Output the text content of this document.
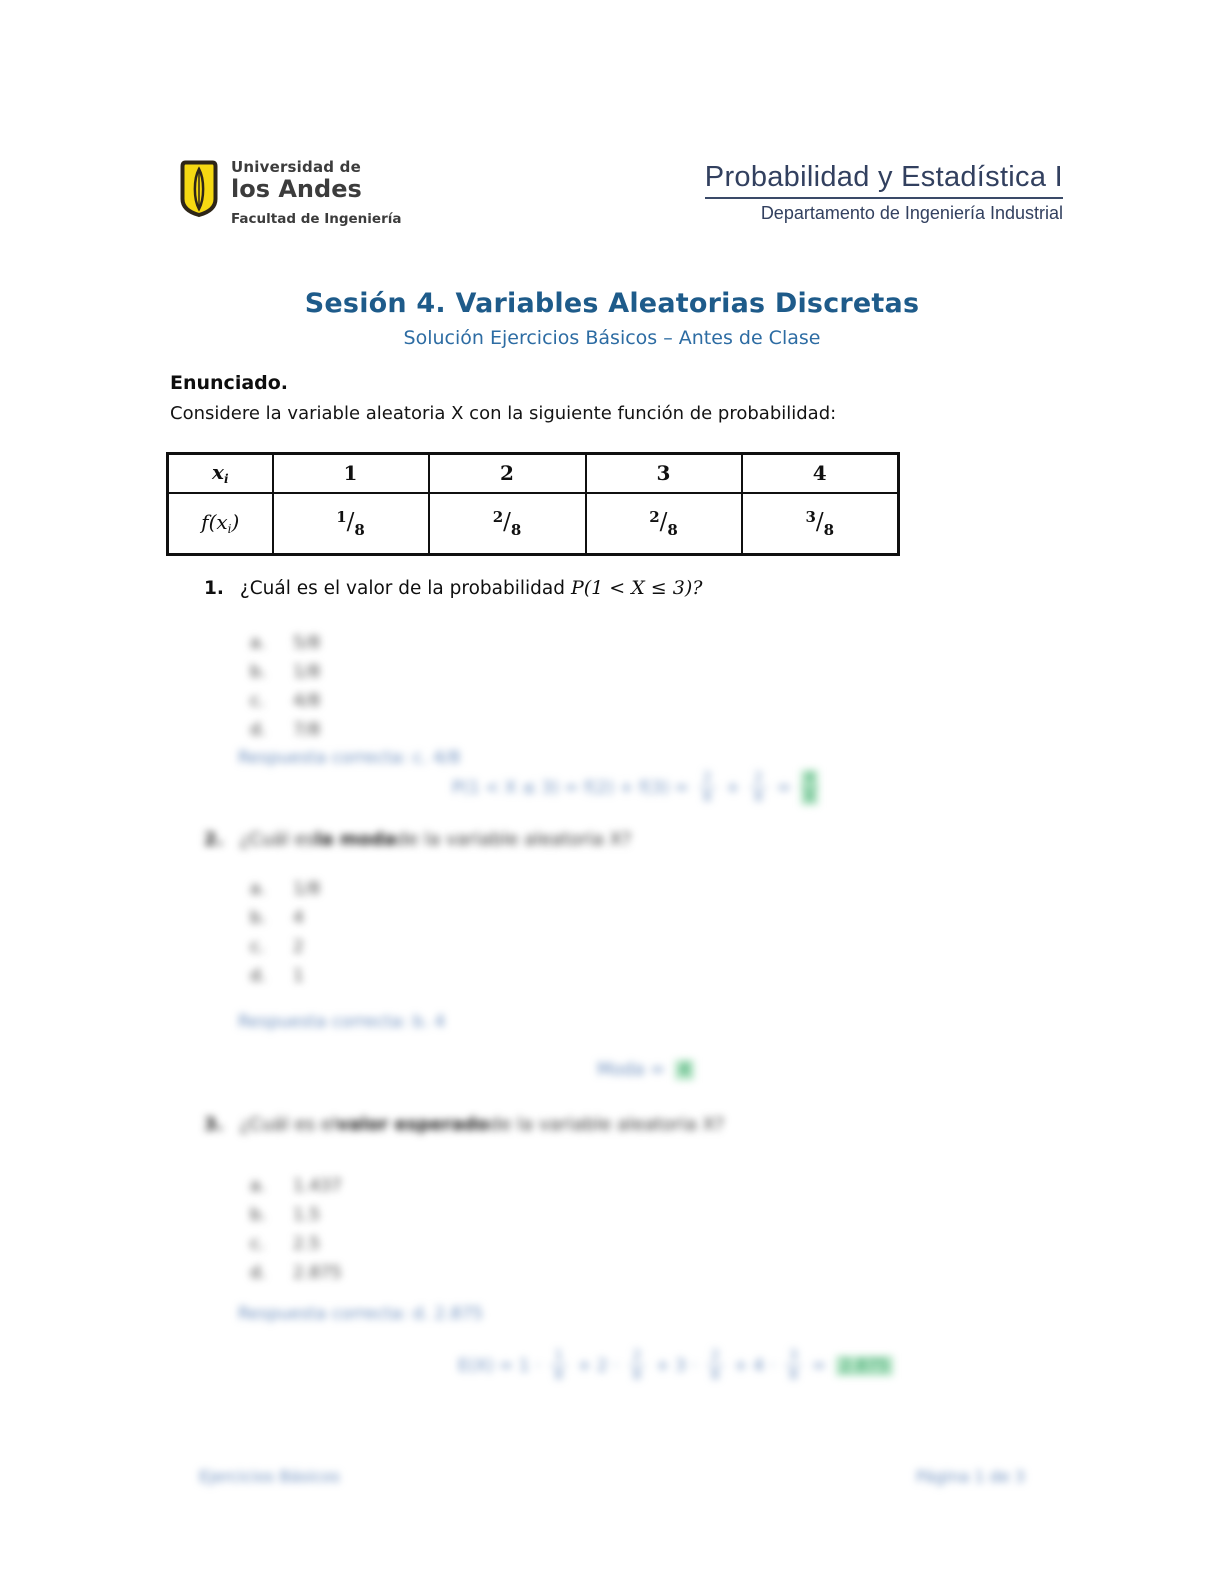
Universidad de
los Andes
Facultad de Ingeniería
Probabilidad y Estadística I
Departamento de Ingeniería Industrial
Sesión 4. Variables Aleatorias Discretas
Solución Ejercicios Básicos – Antes de Clase
Enunciado.
Considere la variable aleatoria X con la siguiente función de probabilidad:
$x_i$	1	2	3	4
$f(x_i)$	$^1/_8$	$^2/_8$	$^2/_8$	$^3/_8$
1. ¿Cuál es el valor de la probabilidad P(1 < X ≤ 3)?
a.	5/8
b.	1/8
c.	4/8
d.	7/8
Respuesta correcta: c. 4/8
$P(1 < X \le 3) = f(2) + f(3) = \frac{2}{8} + \frac{2}{8} = \frac{4}{8}$
2. ¿Cuál es la moda de la variable aleatoria X?
a.	1/8
b.	4
c.	2
d.	1
Respuesta correcta: b. 4
Moda = 4
3. ¿Cuál es el valor esperado de la variable aleatoria X?
a.	1.437
b.	1.5
c.	2.5
d.	2.875
Respuesta correcta: d. 2.875
$E(X) = 1 \cdot \frac{1}{8} + 2 \cdot \frac{2}{8} + 3 \cdot \frac{2}{8} + 4 \cdot \frac{3}{8} = 2.875$
Ejercicios Básicos	Página 1 de 3
